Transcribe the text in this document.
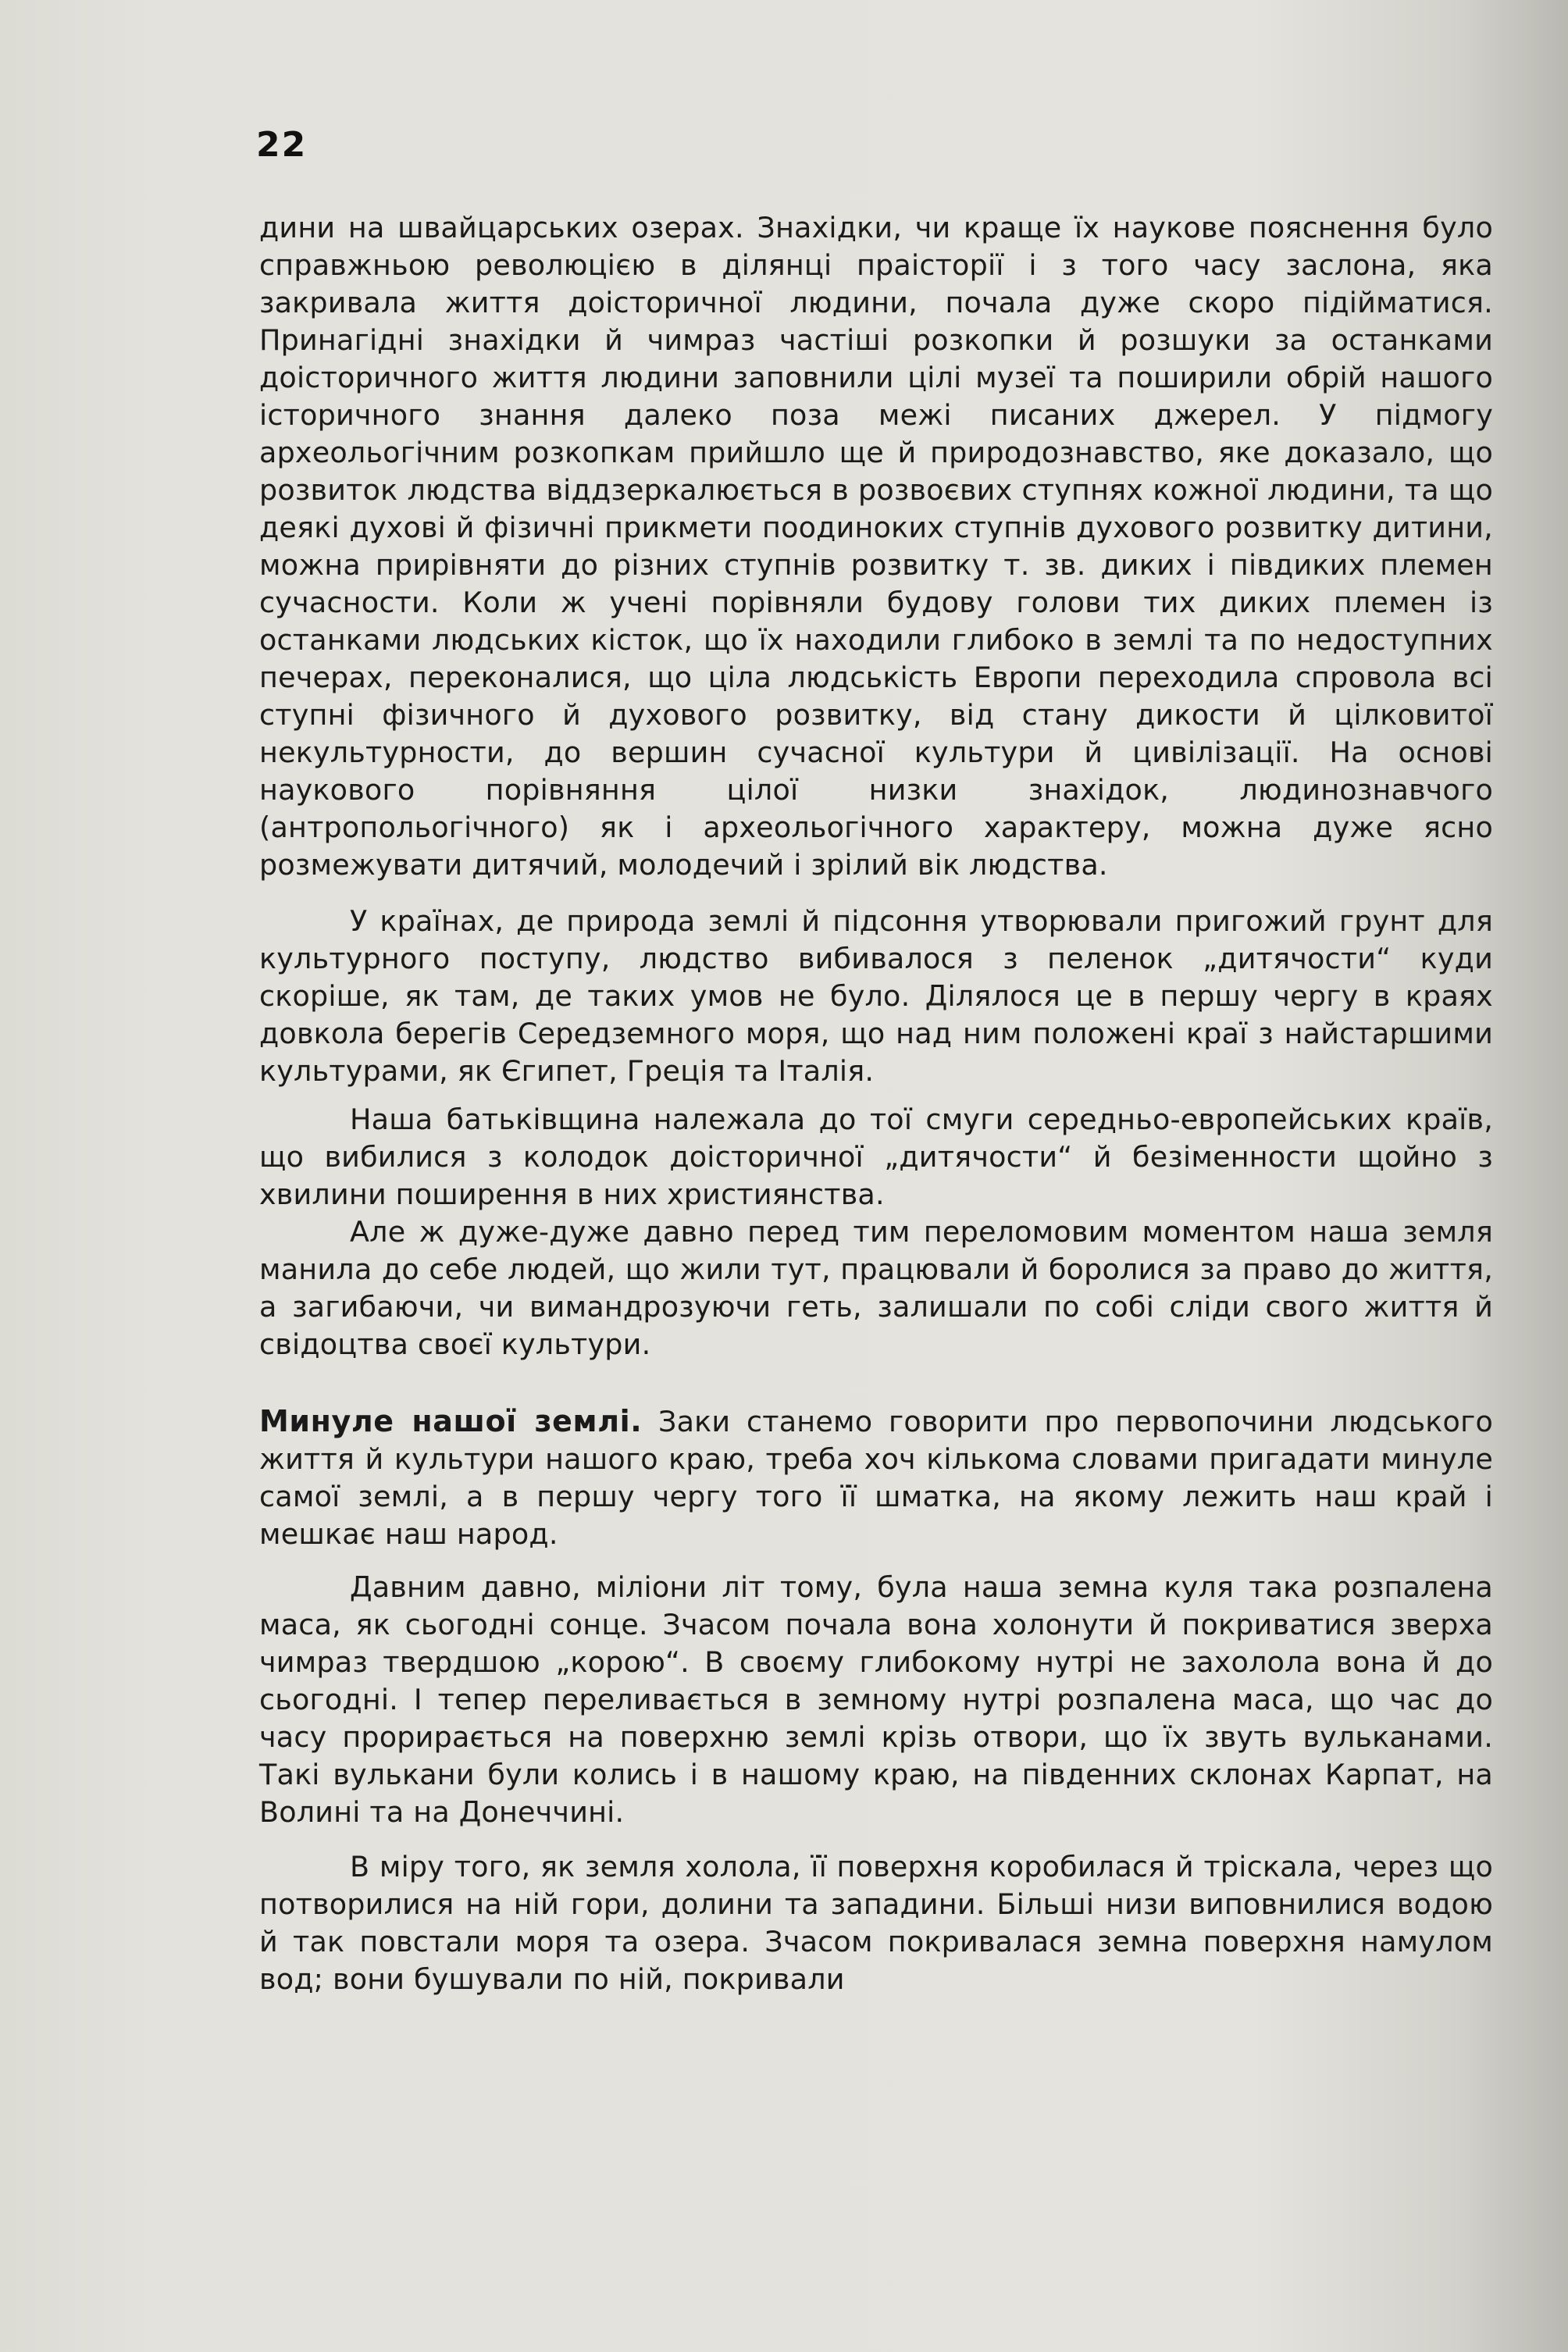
22

дини на швайцарських озерах. Знахідки, чи краще їх наукове пояснення було справжньою революцією в ділянці праісторії і з того часу заслона, яка закривала життя доісторичної людини, почала дуже скоро підійматися. Принагідні знахідки й чимраз частіші розкопки й розшуки за останками доісторичного життя людини заповнили цілі музеї та поширили обрій нашого історичного знання далеко поза межі писаних джерел. У підмогу археольогічним розкопкам прийшло ще й природознавство, яке доказало, що розвиток людства віддзеркалюється в розвоєвих ступнях кожної людини, та що деякі духові й фізичні прикмети поодиноких ступнів духового розвитку дитини, можна прирівняти до різних ступнів розвитку т. зв. диких і півдиких племен сучасности. Коли ж учені порівняли будову голови тих диких племен із останками людських кісток, що їх находили глибоко в землі та по недоступних печерах, переконалися, що ціла людськість Европи переходила спровола всі ступні фізичного й духового розвитку, від стану дикости й цілковитої некультурности, до вершин сучасної культури й цивілізації. На основі наукового порівняння цілої низки знахідок, людинознавчого (антропольогічного) як і археольогічного характеру, можна дуже ясно розмежувати дитячий, молодечий і зрілий вік людства.

У країнах, де природа землі й підсоння утворювали пригожий грунт для культурного поступу, людство вибивалося з пеленок „дитячости“ куди скоріше, як там, де таких умов не було. Ділялося це в першу чергу в краях довкола берегів Середземного моря, що над ним положені краї з найстаршими культурами, як Єгипет, Греція та Італія.

Наша батьківщина належала до тої смуги середньо-европейських країв, що вибилися з колодок доісторичної „дитячости“ й безіменности щойно з хвилини поширення в них християнства.

Але ж дуже-дуже давно перед тим переломовим моментом наша земля манила до себе людей, що жили тут, працювали й боролися за право до життя, а загибаючи, чи вимандрозуючи геть, залишали по собі сліди свого життя й свідоцтва своєї культури.

Минуле нашої землі. Заки станемо говорити про первопочини людського життя й культури нашого краю, треба хоч кількома словами пригадати минуле самої землі, а в першу чергу того її шматка, на якому лежить наш край і мешкає наш народ.

Давним давно, міліони літ тому, була наша земна куля така розпалена маса, як сьогодні сонце. Зчасом почала вона холонути й покриватися зверха чимраз твердшою „корою“. В своєму глибокому нутрі не захолола вона й до сьогодні. І тепер переливається в земному нутрі розпалена маса, що час до часу прорирається на поверхню землі крізь отвори, що їх звуть вульканами. Такі вулькани були колись і в нашому краю, на південних склонах Карпат, на Волині та на Донеччині.

В міру того, як земля холола, її поверхня коробилася й тріскала, через що потворилися на ній гори, долини та западини. Більші низи виповнилися водою й так повстали моря та озера. Зчасом покривалася земна поверхня намулом вод; вони бушували по ній, покривали
